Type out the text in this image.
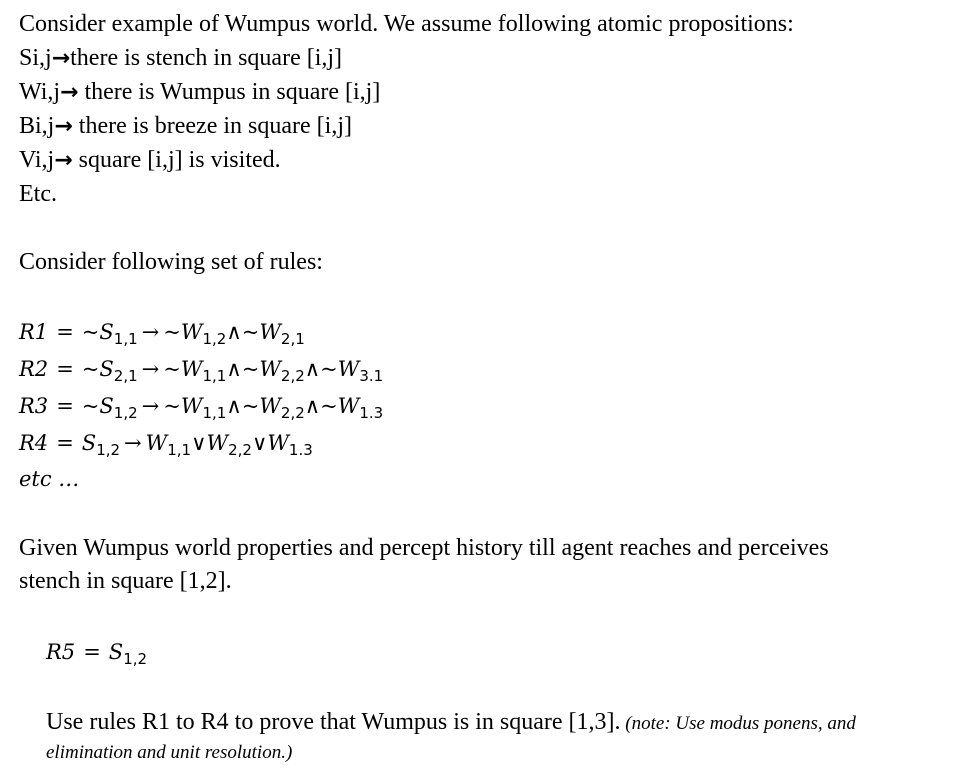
Consider example of Wumpus world. We assume following atomic propositions:
Si,j→there is stench in square [i,j]
Wi,j→ there is Wumpus in square [i,j]
Bi,j→ there is breeze in square [i,j]
Vi,j→ square [i,j] is visited.
Etc.
Consider following set of rules:
$R1 = \sim S_{1,1}$ → $\sim W_{1,2}\wedge\sim W_{2,1}$
$R2 = \sim S_{2,1}$ → $\sim W_{1,1}\wedge\sim W_{2,2}\wedge\sim W_{3.1}$
$R3 = \sim S_{1,2}$ → $\sim W_{1,1}\wedge\sim W_{2,2}\wedge\sim W_{1.3}$
$R4 = S_{1,2}$ → $W_{1,1}\vee W_{2,2}\vee W_{1.3}$
etc …
Given Wumpus world properties and percept history till agent reaches and perceives
stench in square [1,2].
$R5 = S_{1,2}$
Use rules R1 to R4 to prove that Wumpus is in square [1,3]. (note: Use modus ponens, and
elimination and unit resolution.)
